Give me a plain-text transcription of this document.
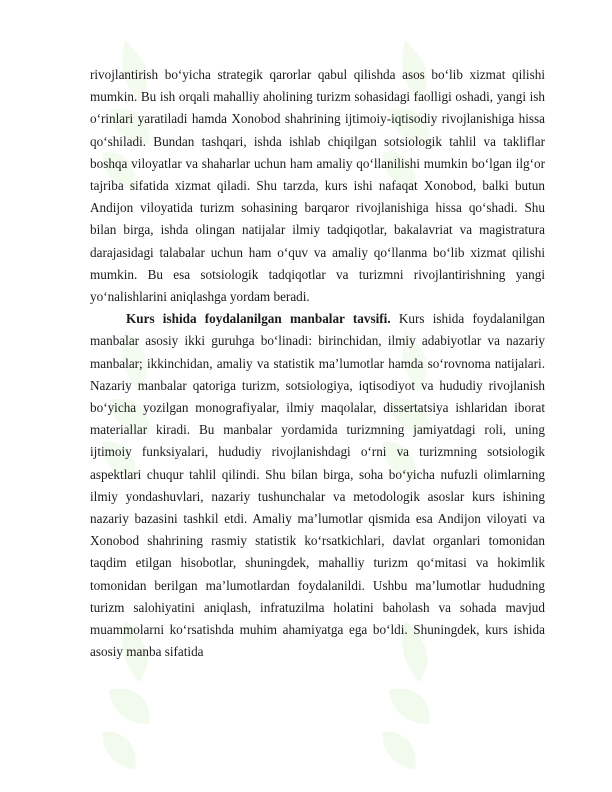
rivojlantirish bo‘yicha strategik qarorlar qabul qilishda asos bo‘lib xizmat qilishi mumkin. Bu ish orqali mahalliy aholining turizm sohasidagi faolligi oshadi, yangi ish o‘rinlari yaratiladi hamda Xonobod shahrining ijtimoiy-iqtisodiy rivojlanishiga hissa qo‘shiladi. Bundan tashqari, ishda ishlab chiqilgan sotsiologik tahlil va takliflar boshqa viloyatlar va shaharlar uchun ham amaliy qo‘llanilishi mumkin bo‘lgan ilg‘or tajriba sifatida xizmat qiladi. Shu tarzda, kurs ishi nafaqat Xonobod, balki butun Andijon viloyatida turizm sohasining barqaror rivojlanishiga hissa qo‘shadi. Shu bilan birga, ishda olingan natijalar ilmiy tadqiqotlar, bakalavriat va magistratura darajasidagi talabalar uchun ham o‘quv va amaliy qo‘llanma bo‘lib xizmat qilishi mumkin. Bu esa sotsiologik tadqiqotlar va turizmni rivojlantirishning yangi yo‘nalishlarini aniqlashga yordam beradi.

Kurs ishida foydalanilgan manbalar tavsifi. Kurs ishida foydalanilgan manbalar asosiy ikki guruhga bo‘linadi: birinchidan, ilmiy adabiyotlar va nazariy manbalar; ikkinchidan, amaliy va statistik ma’lumotlar hamda so‘rovnoma natijalari. Nazariy manbalar qatoriga turizm, sotsiologiya, iqtisodiyot va hududiy rivojlanish bo‘yicha yozilgan monografiyalar, ilmiy maqolalar, dissertatsiya ishlaridan iborat materiallar kiradi. Bu manbalar yordamida turizmning jamiyatdagi roli, uning ijtimoiy funksiyalari, hududiy rivojlanishdagi o‘rni va turizmning sotsiologik aspektlari chuqur tahlil qilindi. Shu bilan birga, soha bo‘yicha nufuzli olimlarning ilmiy yondashuvlari, nazariy tushunchalar va metodologik asoslar kurs ishining nazariy bazasini tashkil etdi. Amaliy ma’lumotlar qismida esa Andijon viloyati va Xonobod shahrining rasmiy statistik ko‘rsatkichlari, davlat organlari tomonidan taqdim etilgan hisobotlar, shuningdek, mahalliy turizm qo‘mitasi va hokimlik tomonidan berilgan ma’lumotlardan foydalanildi. Ushbu ma’lumotlar hududning turizm salohiyatini aniqlash, infratuzilma holatini baholash va sohada mavjud muammolarni ko‘rsatishda muhim ahamiyatga ega bo‘ldi. Shuningdek, kurs ishida asosiy manba sifatida
